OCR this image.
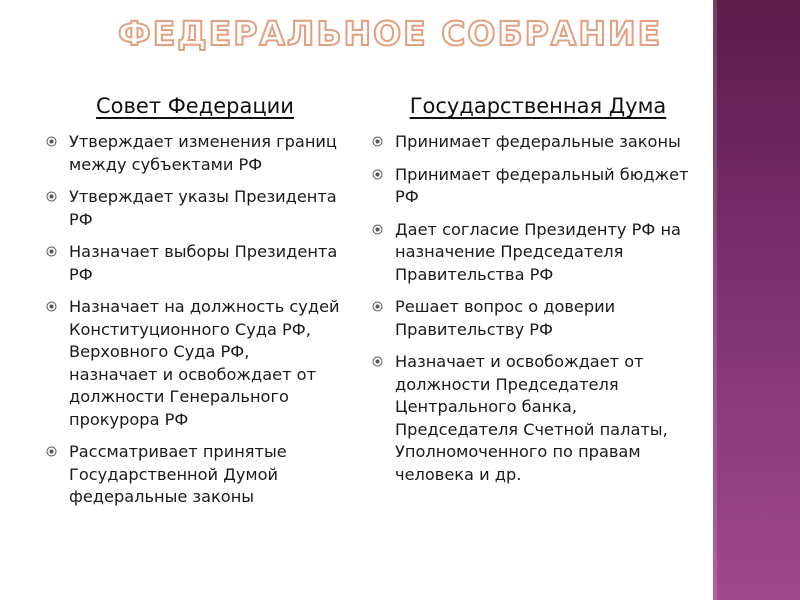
ФЕДЕРАЛЬНОЕ СОБРАНИЕ
Совет Федерации
Утверждает изменения границ между субъектами РФ
Утверждает указы Президента РФ
Назначает выборы Президента РФ
Назначает на должность судей Конституционного Суда РФ, Верховного Суда РФ, назначает и освобождает от должности Генерального прокурора РФ
Рассматривает принятые Государственной Думой федеральные законы
Государственная Дума
Принимает федеральные законы
Принимает федеральный бюджет РФ
Дает согласие Президенту РФ на назначение Председателя Правительства РФ
Решает вопрос о доверии Правительству РФ
Назначает и освобождает от должности Председателя Центрального банка, Председателя Счетной палаты, Уполномоченного по правам человека и др.
